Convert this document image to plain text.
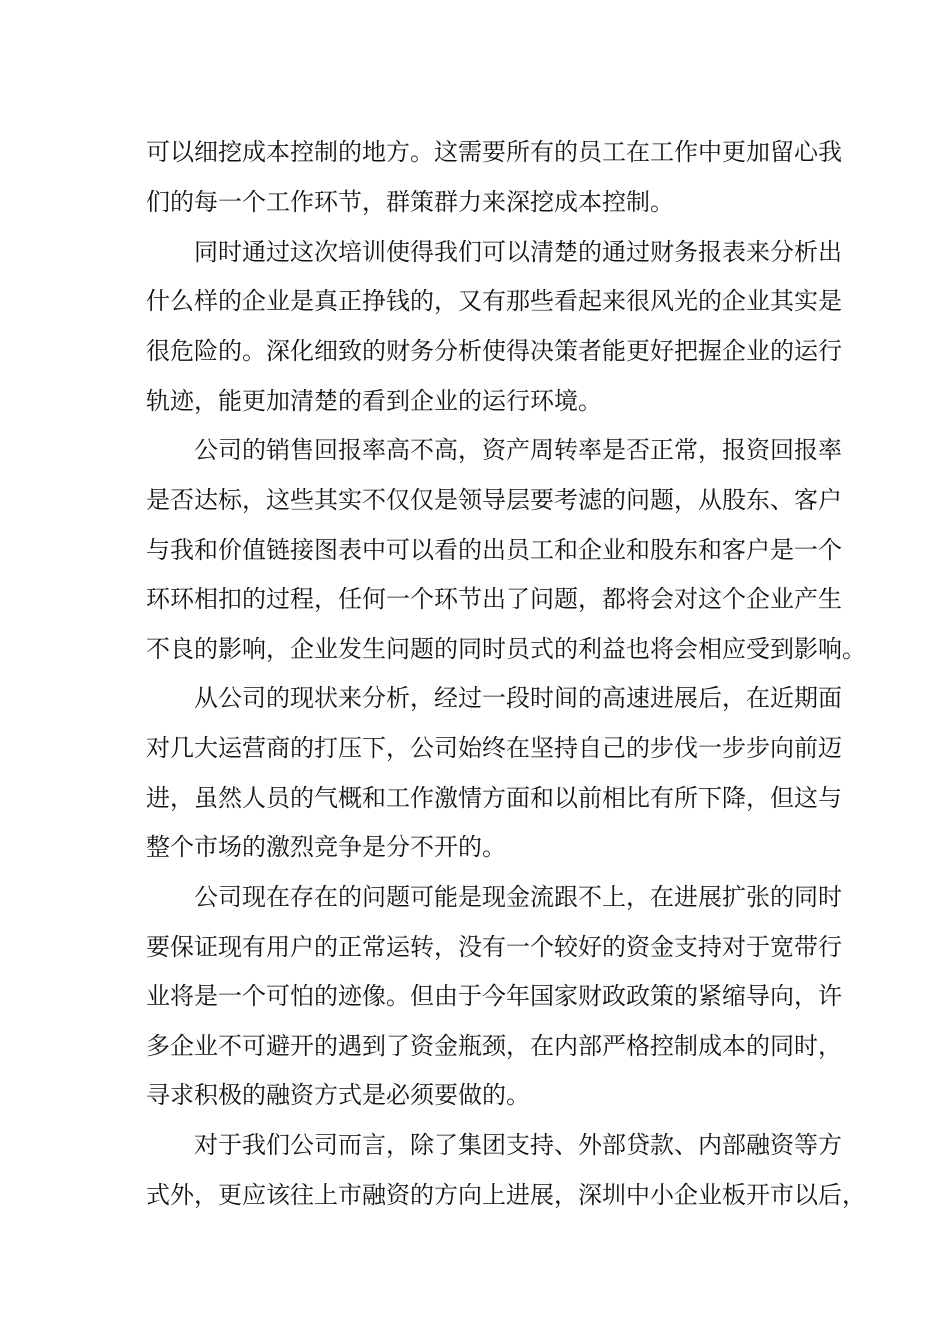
可以细挖成本控制的地方。这需要所有的员工在工作中更加留心我
们的每一个工作环节，群策群力来深挖成本控制。
同时通过这次培训使得我们可以清楚的通过财务报表来分析出
什么样的企业是真正挣钱的，又有那些看起来很风光的企业其实是
很危险的。深化细致的财务分析使得决策者能更好把握企业的运行
轨迹，能更加清楚的看到企业的运行环境。
公司的销售回报率高不高，资产周转率是否正常，报资回报率
是否达标，这些其实不仅仅是领导层要考滤的问题，从股东、客户
与我和价值链接图表中可以看的出员工和企业和股东和客户是一个
环环相扣的过程，任何一个环节出了问题，都将会对这个企业产生
不良的影响，企业发生问题的同时员式的利益也将会相应受到影响。
从公司的现状来分析，经过一段时间的高速进展后，在近期面
对几大运营商的打压下，公司始终在坚持自己的步伐一步步向前迈
进，虽然人员的气概和工作激情方面和以前相比有所下降，但这与
整个市场的激烈竞争是分不开的。
公司现在存在的问题可能是现金流跟不上，在进展扩张的同时
要保证现有用户的正常运转，没有一个较好的资金支持对于宽带行
业将是一个可怕的迹像。但由于今年国家财政政策的紧缩导向，许
多企业不可避开的遇到了资金瓶颈，在内部严格控制成本的同时，
寻求积极的融资方式是必须要做的。
对于我们公司而言，除了集团支持、外部贷款、内部融资等方
式外，更应该往上市融资的方向上进展，深圳中小企业板开市以后，
